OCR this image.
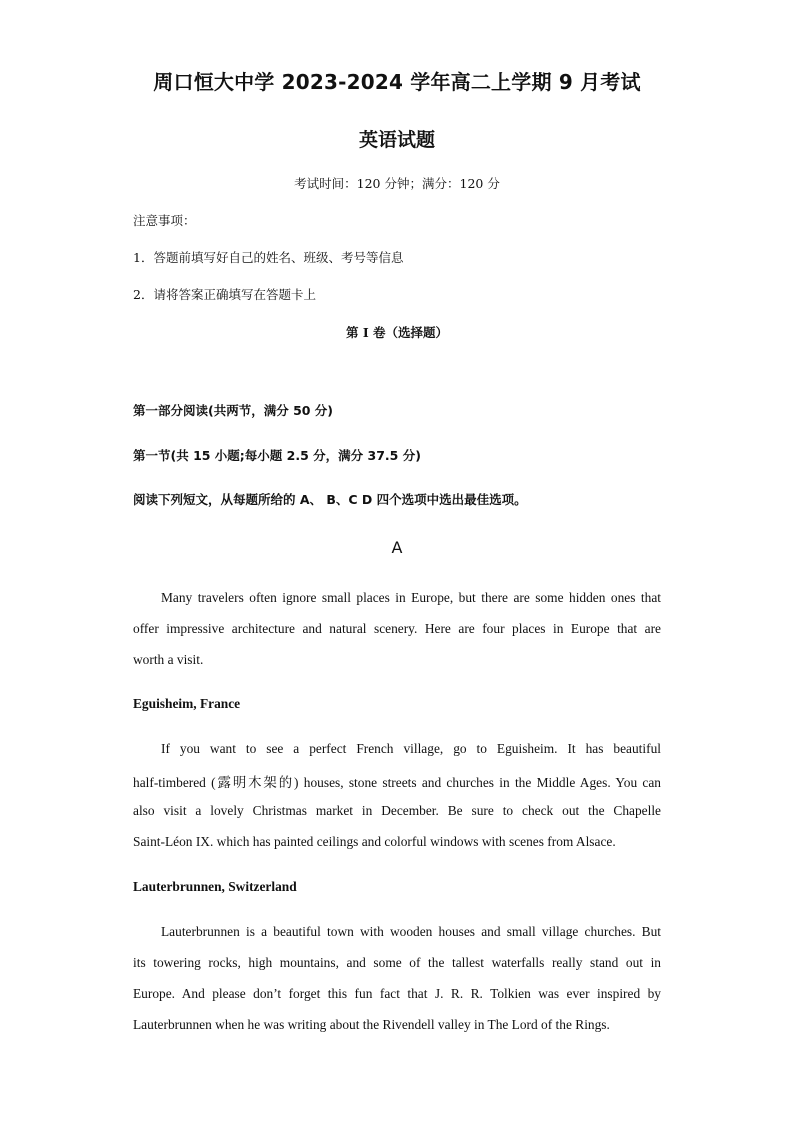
周口恒大中学 2023-2024 学年高二上学期 9 月考试
英语试题
考试时间：120 分钟；满分：120 分
注意事项：
1．答题前填写好自己的姓名、班级、考号等信息
2．请将答案正确填写在答题卡上
第 I 卷（选择题）
第一部分阅读(共两节，满分 50 分)
第一节(共 15 小题;每小题 2.5 分，满分 37.5 分)
阅读下列短文，从每题所给的 A、 B、C D 四个选项中选出最佳选项。
A
Many travelers often ignore small places in Europe, but there are some hidden ones that
offer impressive architecture and natural scenery. Here are four places in Europe that are
worth a visit.
Eguisheim, France
If you want to see a perfect French village, go to Eguisheim. It has beautiful
half-timbered (露明木架的) houses, stone streets and churches in the Middle Ages. You can
also visit a lovely Christmas market in December. Be sure to check out the Chapelle
Saint-Léon IX. which has painted ceilings and colorful windows with scenes from Alsace.
Lauterbrunnen, Switzerland
Lauterbrunnen is a beautiful town with wooden houses and small village churches. But
its towering rocks, high mountains, and some of the tallest waterfalls really stand out in
Europe. And please don’t forget this fun fact that J. R. R. Tolkien was ever inspired by
Lauterbrunnen when he was writing about the Rivendell valley in The Lord of the Rings.
